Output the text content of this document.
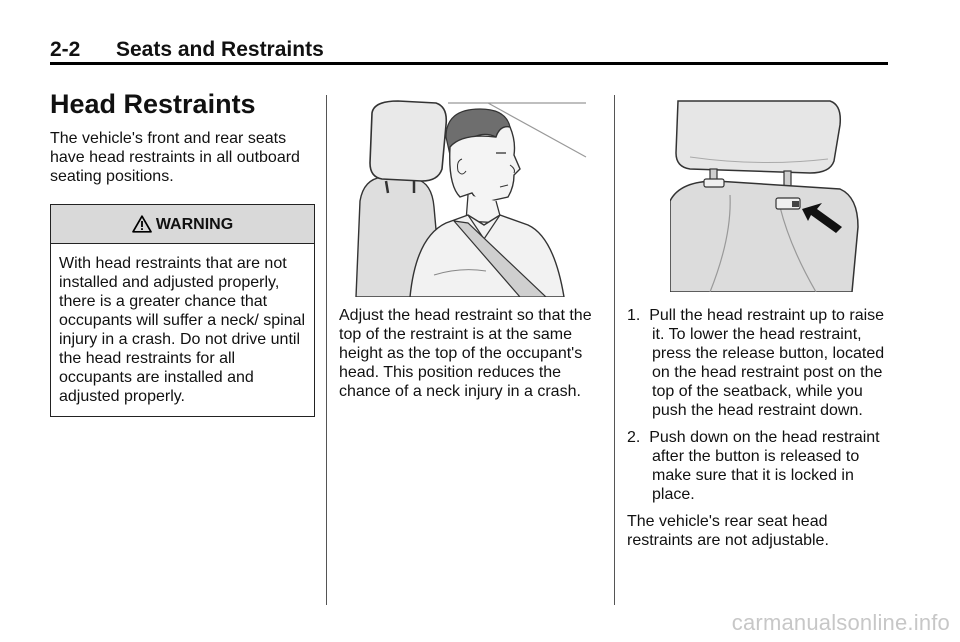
2-2 Seats and Restraints
Head Restraints

The vehicle's front and rear seats have head restraints in all outboard seating positions.

WARNING
With head restraints that are not installed and adjusted properly, there is a greater chance that occupants will suffer a neck/ spinal injury in a crash. Do not drive until the head restraints for all occupants are installed and adjusted properly.

Adjust the head restraint so that the top of the restraint is at the same height as the top of the occupant's head. This position reduces the chance of a neck injury in a crash.

1. Pull the head restraint up to raise it. To lower the head restraint, press the release button, located on the head restraint post on the top of the seatback, while you push the head restraint down.
2. Push down on the head restraint after the button is released to make sure that it is locked in place.

The vehicle's rear seat head restraints are not adjustable.

carmanualsonline.info
